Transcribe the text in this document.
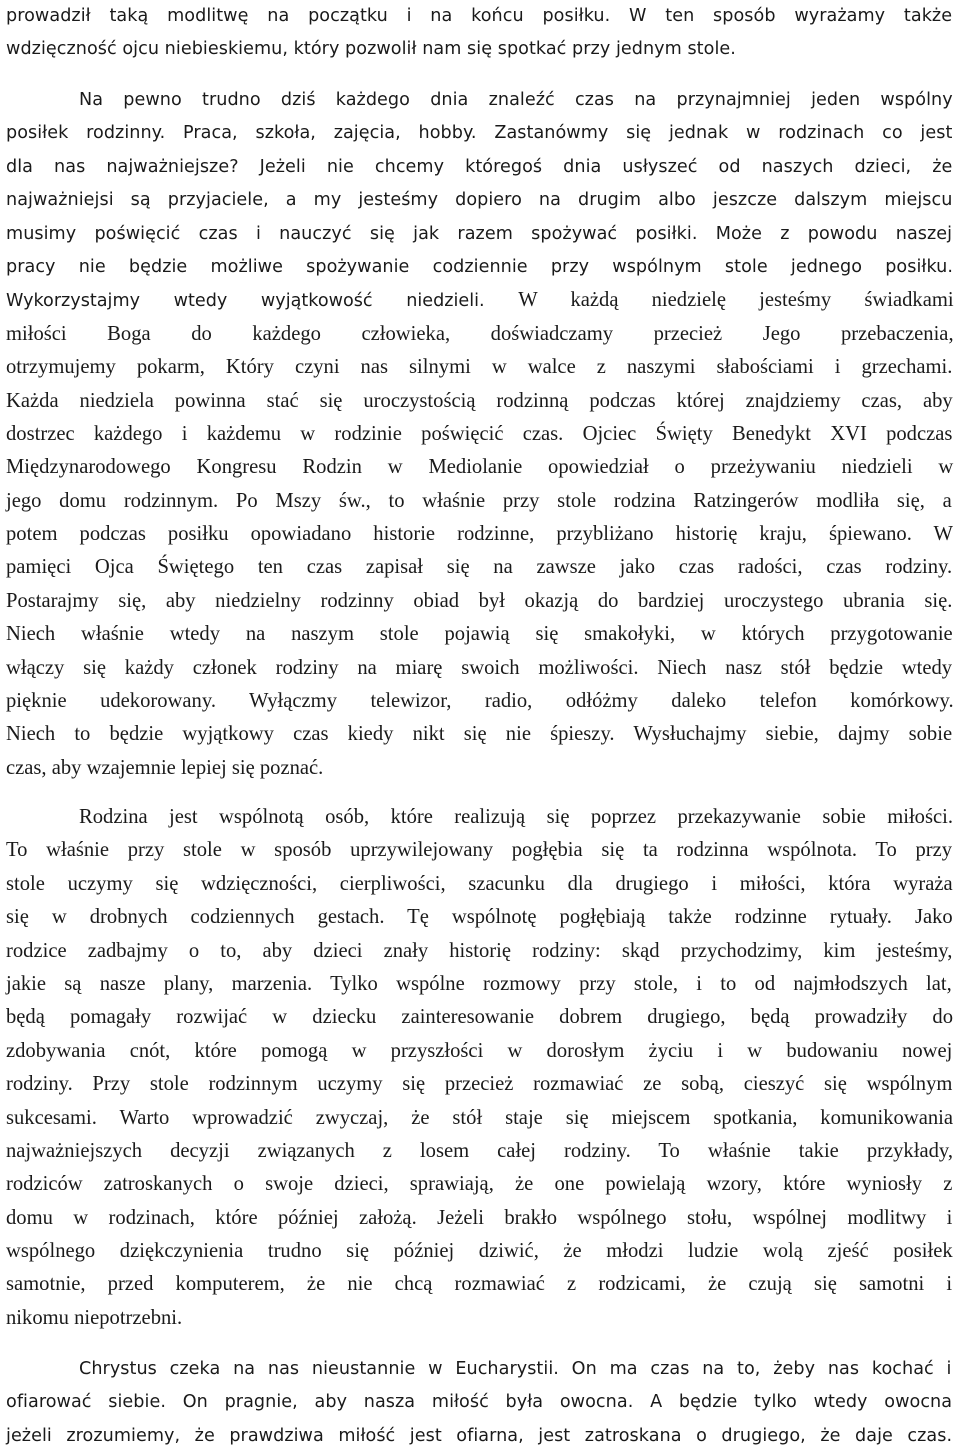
prowadził taką modlitwę na początku i na końcu posiłku. W ten sposób wyrażamy także
wdzięczność ojcu niebieskiemu, który pozwolił nam się spotkać przy jednym stole.
Na pewno trudno dziś każdego dnia znaleźć czas na przynajmniej jeden wspólny
posiłek rodzinny. Praca, szkoła, zajęcia, hobby. Zastanówmy się jednak w rodzinach co jest
dla nas najważniejsze? Jeżeli nie chcemy któregoś dnia usłyszeć od naszych dzieci, że
najważniejsi są przyjaciele, a my jesteśmy dopiero na drugim albo jeszcze dalszym miejscu
musimy poświęcić czas i nauczyć się jak razem spożywać posiłki. Może z powodu naszej
pracy nie będzie możliwe spożywanie codziennie przy wspólnym stole jednego posiłku.
Wykorzystajmy wtedy wyjątkowość niedzieli. W każdą niedzielę jesteśmy świadkami
miłości Boga do każdego człowieka, doświadczamy przecież Jego przebaczenia,
otrzymujemy pokarm, Który czyni nas silnymi w walce z naszymi słabościami i grzechami.
Każda niedziela powinna stać się uroczystością rodzinną podczas której znajdziemy czas, aby
dostrzec każdego i każdemu w rodzinie poświęcić czas. Ojciec Święty Benedykt XVI podczas
Międzynarodowego Kongresu Rodzin w Mediolanie opowiedział o przeżywaniu niedzieli w
jego domu rodzinnym. Po Mszy św., to właśnie przy stole rodzina Ratzingerów modliła się, a
potem podczas posiłku opowiadano historie rodzinne, przybliżano historię kraju, śpiewano. W
pamięci Ojca Świętego ten czas zapisał się na zawsze jako czas radości, czas rodziny.
Postarajmy się, aby niedzielny rodzinny obiad był okazją do bardziej uroczystego ubrania się.
Niech właśnie wtedy na naszym stole pojawią się smakołyki, w których przygotowanie
włączy się każdy członek rodziny na miarę swoich możliwości. Niech nasz stół będzie wtedy
pięknie udekorowany. Wyłączmy telewizor, radio, odłóżmy daleko telefon komórkowy.
Niech to będzie wyjątkowy czas kiedy nikt się nie śpieszy. Wysłuchajmy siebie, dajmy sobie
czas, aby wzajemnie lepiej się poznać.
Rodzina jest wspólnotą osób, które realizują się poprzez przekazywanie sobie miłości.
To właśnie przy stole w sposób uprzywilejowany pogłębia się ta rodzinna wspólnota. To przy
stole uczymy się wdzięczności, cierpliwości, szacunku dla drugiego i miłości, która wyraża
się w drobnych codziennych gestach. Tę wspólnotę pogłębiają także rodzinne rytuały. Jako
rodzice zadbajmy o to, aby dzieci znały historię rodziny: skąd przychodzimy, kim jesteśmy,
jakie są nasze plany, marzenia. Tylko wspólne rozmowy przy stole, i to od najmłodszych lat,
będą pomagały rozwijać w dziecku zainteresowanie dobrem drugiego, będą prowadziły do
zdobywania cnót, które pomogą w przyszłości w dorosłym życiu i w budowaniu nowej
rodziny. Przy stole rodzinnym uczymy się przecież rozmawiać ze sobą, cieszyć się wspólnym
sukcesami. Warto wprowadzić zwyczaj, że stół staje się miejscem spotkania, komunikowania
najważniejszych decyzji związanych z losem całej rodziny. To właśnie takie przykłady,
rodziców zatroskanych o swoje dzieci, sprawiają, że one powielają wzory, które wyniosły z
domu w rodzinach, które później założą. Jeżeli brakło wspólnego stołu, wspólnej modlitwy i
wspólnego dziękczynienia trudno się później dziwić, że młodzi ludzie wolą zjeść posiłek
samotnie, przed komputerem, że nie chcą rozmawiać z rodzicami, że czują się samotni i
nikomu niepotrzebni.
Chrystus czeka na nas nieustannie w Eucharystii. On ma czas na to, żeby nas kochać i
ofiarować siebie. On pragnie, aby nasza miłość była owocna. A będzie tylko wtedy owocna
jeżeli zrozumiemy, że prawdziwa miłość jest ofiarna, jest zatroskana o drugiego, że daje czas.
